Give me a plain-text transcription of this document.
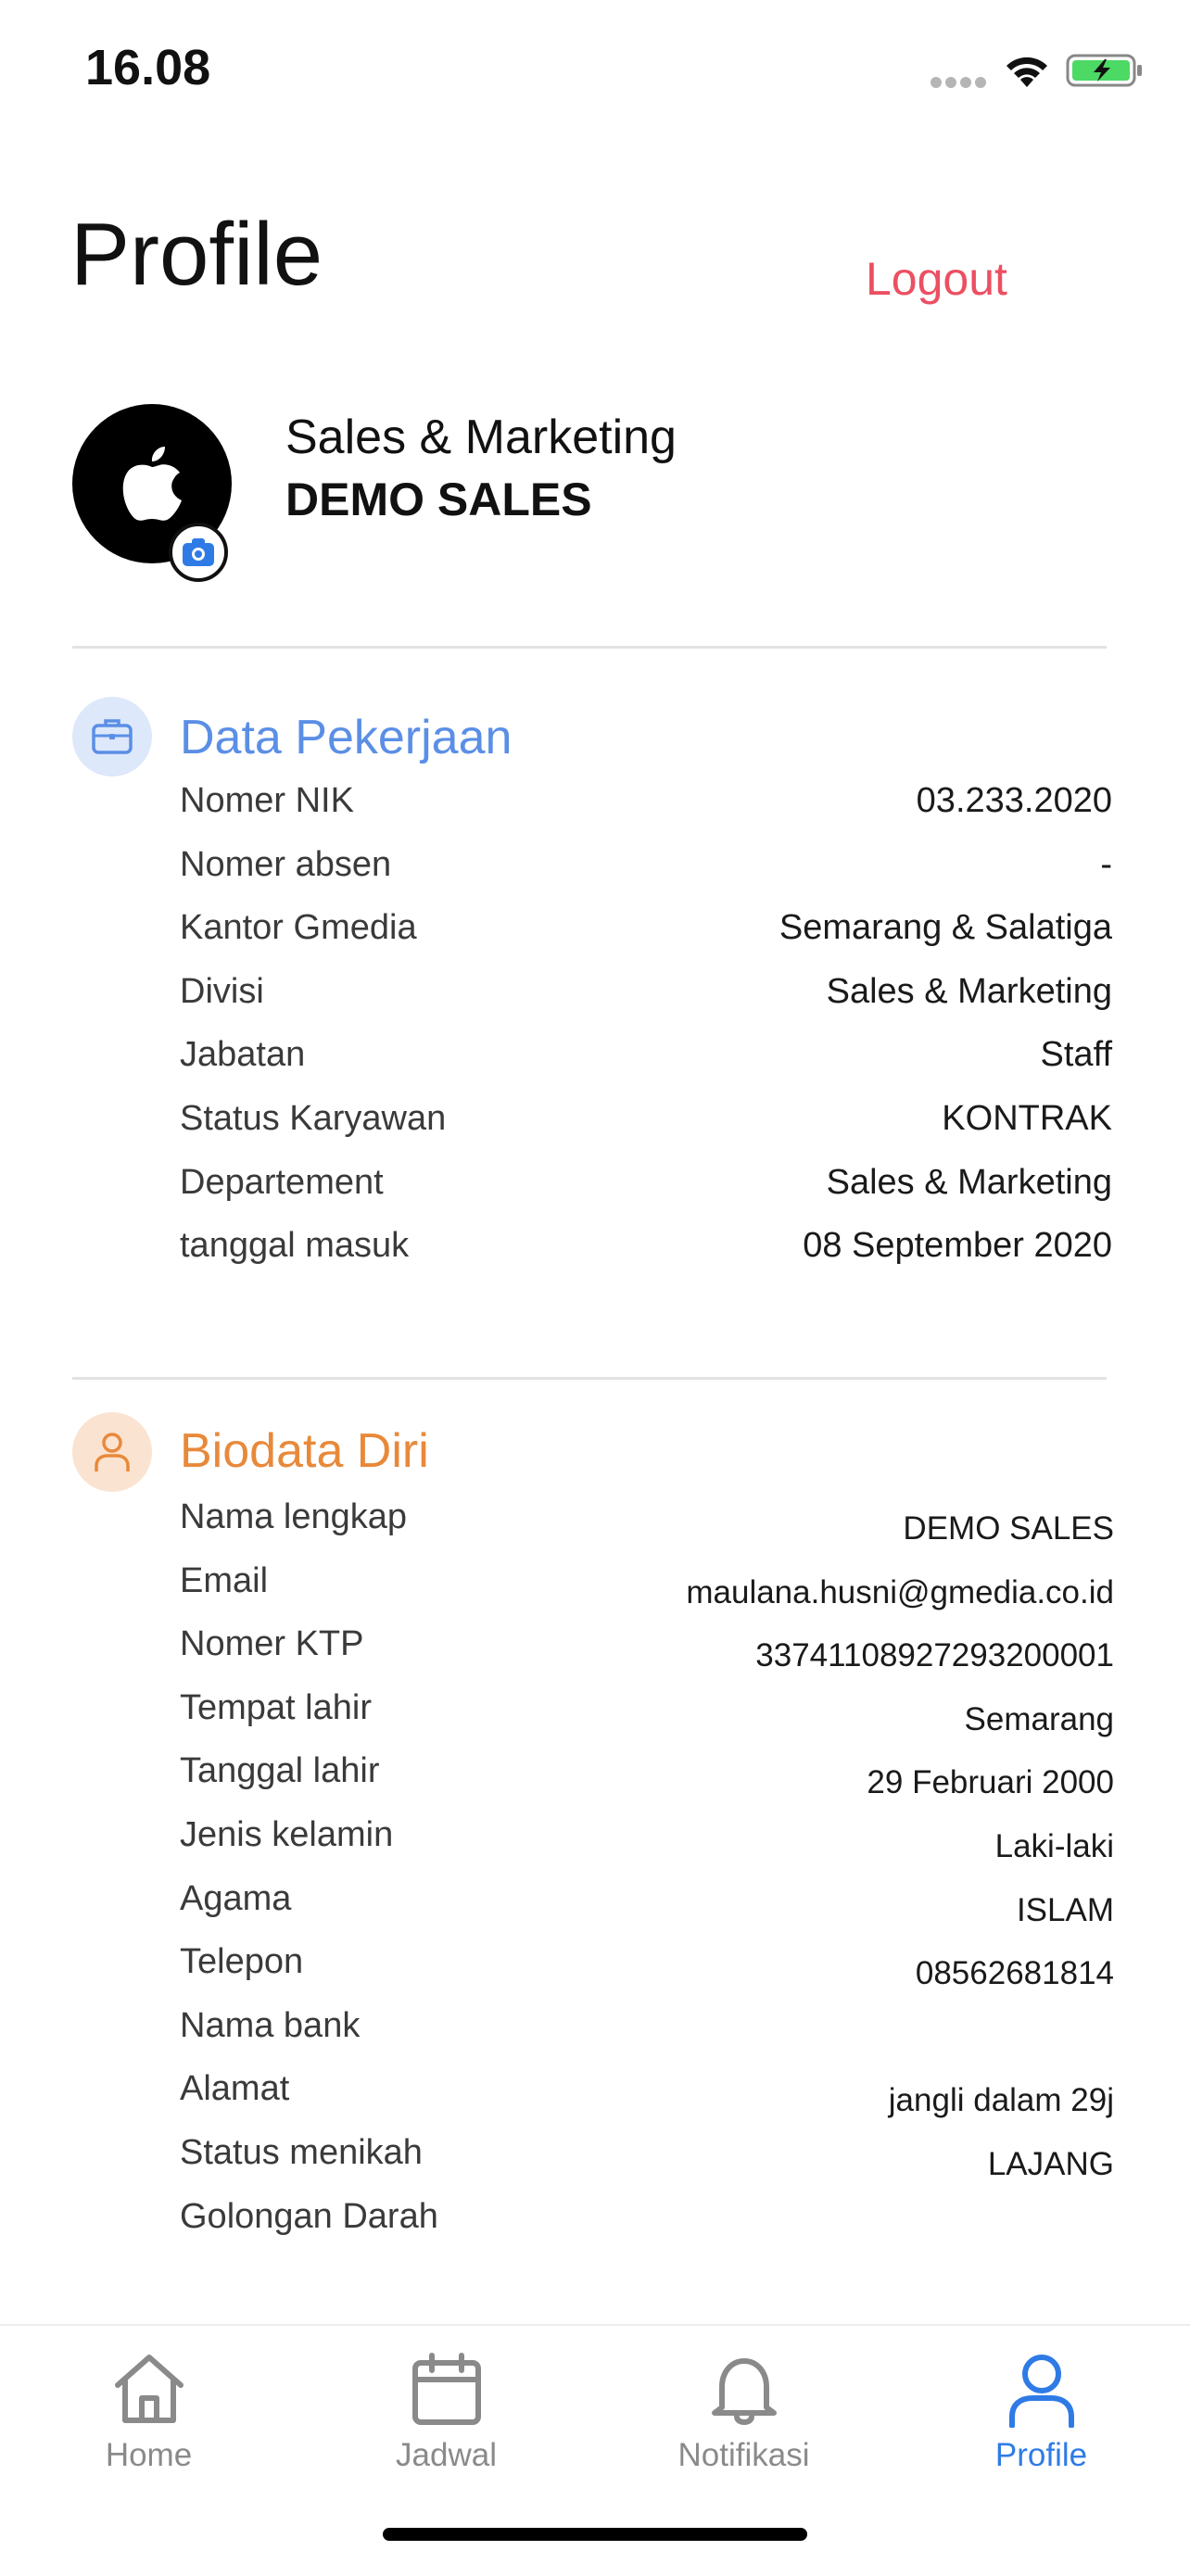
16.08
Profile	Logout
Sales & Marketing
DEMO SALES
Data Pekerjaan
Nomer NIK	03.233.2020
Nomer absen	-
Kantor Gmedia	Semarang & Salatiga
Divisi	Sales & Marketing
Jabatan	Staff
Status Karyawan	KONTRAK
Departement	Sales & Marketing
tanggal masuk	08 September 2020
Biodata Diri
Nama lengkap	DEMO SALES
Email	maulana.husni@gmedia.co.id
Nomer KTP	33741108927293200001
Tempat lahir	Semarang
Tanggal lahir	29 Februari 2000
Jenis kelamin	Laki-laki
Agama	ISLAM
Telepon	08562681814
Nama bank
Alamat	jangli dalam 29j
Status menikah	LAJANG
Golongan Darah
Home	Jadwal	Notifikasi	Profile
